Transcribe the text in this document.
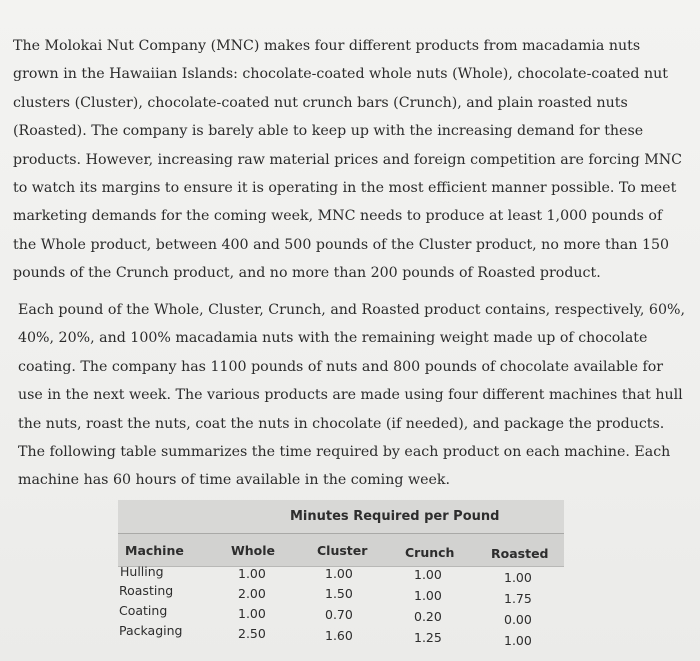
The Molokai Nut Company (MNC) makes four different products from macadamia nuts grown in the Hawaiian Islands: chocolate-coated whole nuts (Whole), chocolate-coated nut clusters (Cluster), chocolate-coated nut crunch bars (Crunch), and plain roasted nuts (Roasted). The company is barely able to keep up with the increasing demand for these products. However, increasing raw material prices and foreign competition are forcing MNC to watch its margins to ensure it is operating in the most efficient manner possible. To meet marketing demands for the coming week, MNC needs to produce at least 1,000 pounds of the Whole product, between 400 and 500 pounds of the Cluster product, no more than 150 pounds of the Crunch product, and no more than 200 pounds of Roasted product.

Each pound of the Whole, Cluster, Crunch, and Roasted product contains, respectively, 60%, 40%, 20%, and 100% macadamia nuts with the remaining weight made up of chocolate coating. The company has 1100 pounds of nuts and 800 pounds of chocolate available for use in the next week. The various products are made using four different machines that hull the nuts, roast the nuts, coat the nuts in chocolate (if needed), and package the products. The following table summarizes the time required by each product on each machine. Each machine has 60 hours of time available in the coming week.

Minutes Required per Pound
Machine	Whole	Cluster	Crunch	Roasted
Hulling	1.00	1.00	1.00	1.00
Roasting	2.00	1.50	1.00	1.75
Coating	1.00	0.70	0.20	0.00
Packaging	2.50	1.60	1.25	1.00
